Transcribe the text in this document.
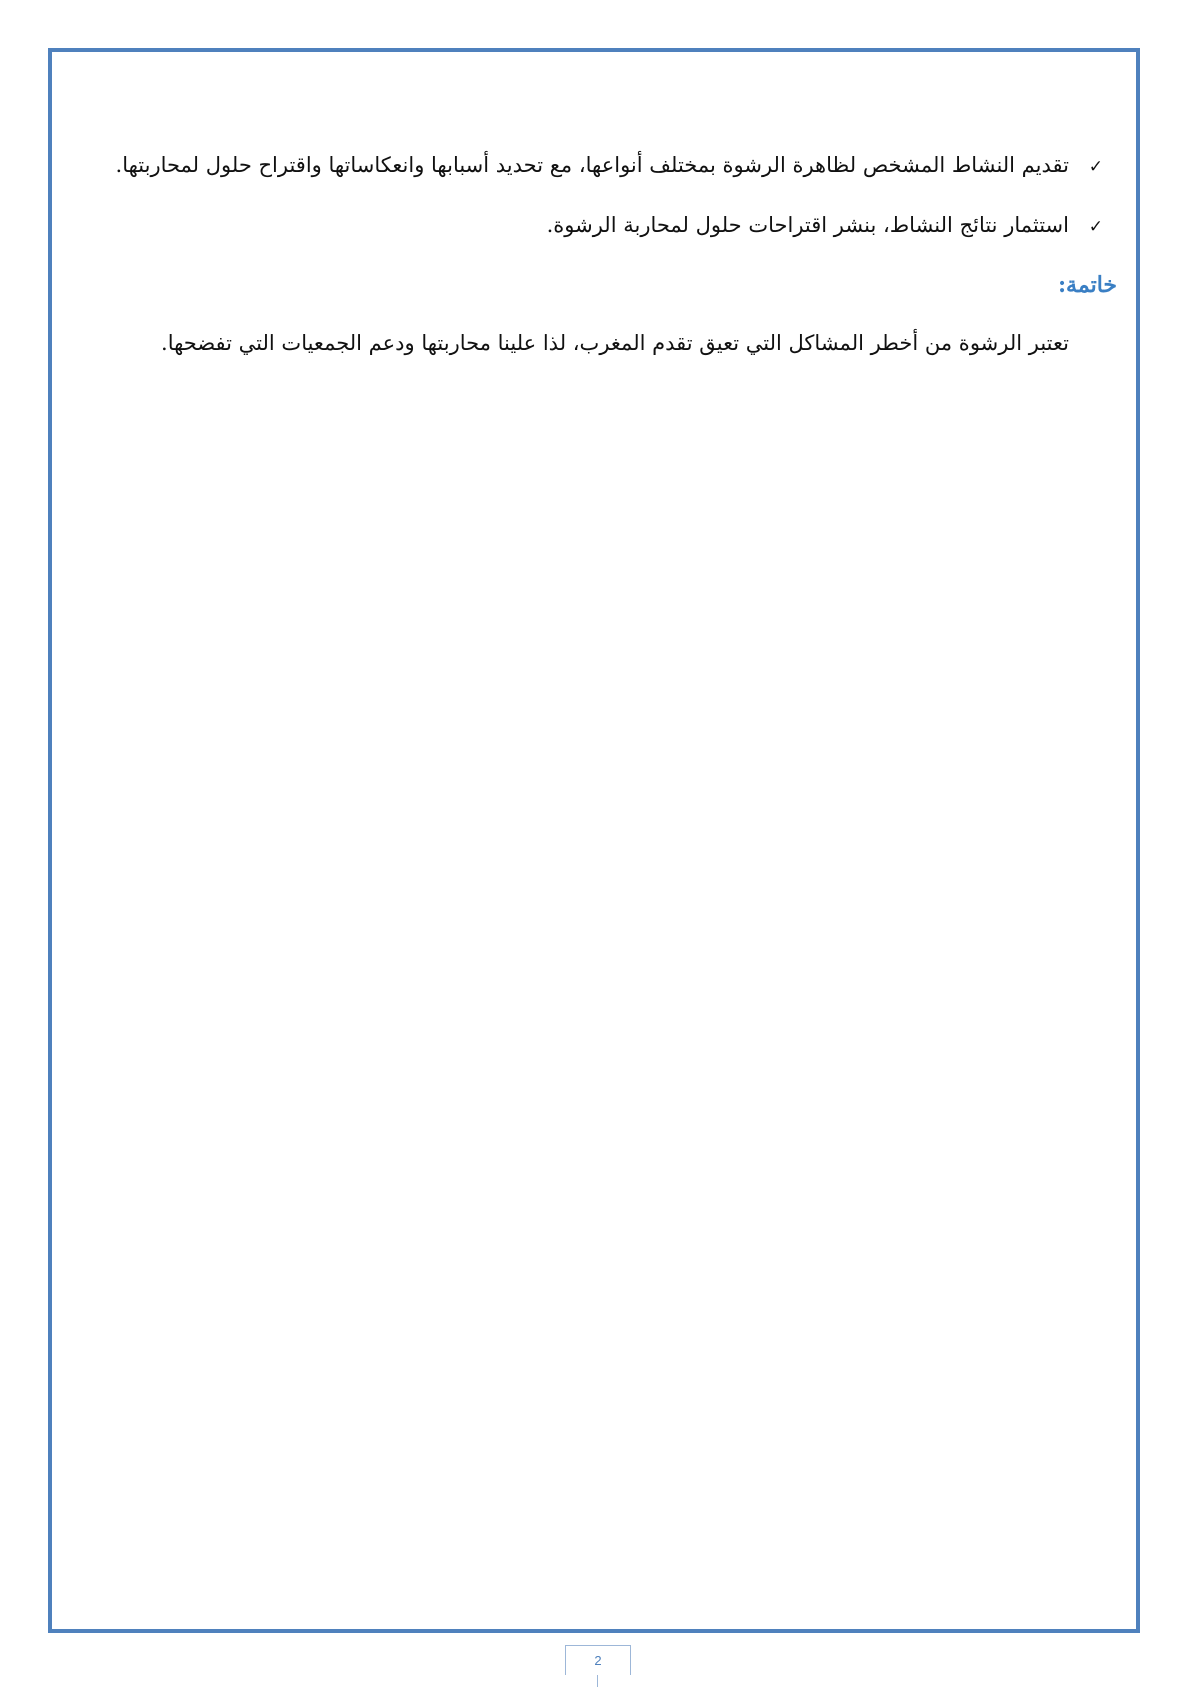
✓
تقديم النشاط المشخص لظاهرة الرشوة بمختلف أنواعها، مع تحديد أسبابها وانعكاساتها واقتراح حلول لمحاربتها.
✓
استثمار نتائج النشاط، بنشر اقتراحات حلول لمحاربة الرشوة.
خاتمة:
تعتبر الرشوة من أخطر المشاكل التي تعيق تقدم المغرب، لذا علينا محاربتها ودعم الجمعيات التي تفضحها.
2
